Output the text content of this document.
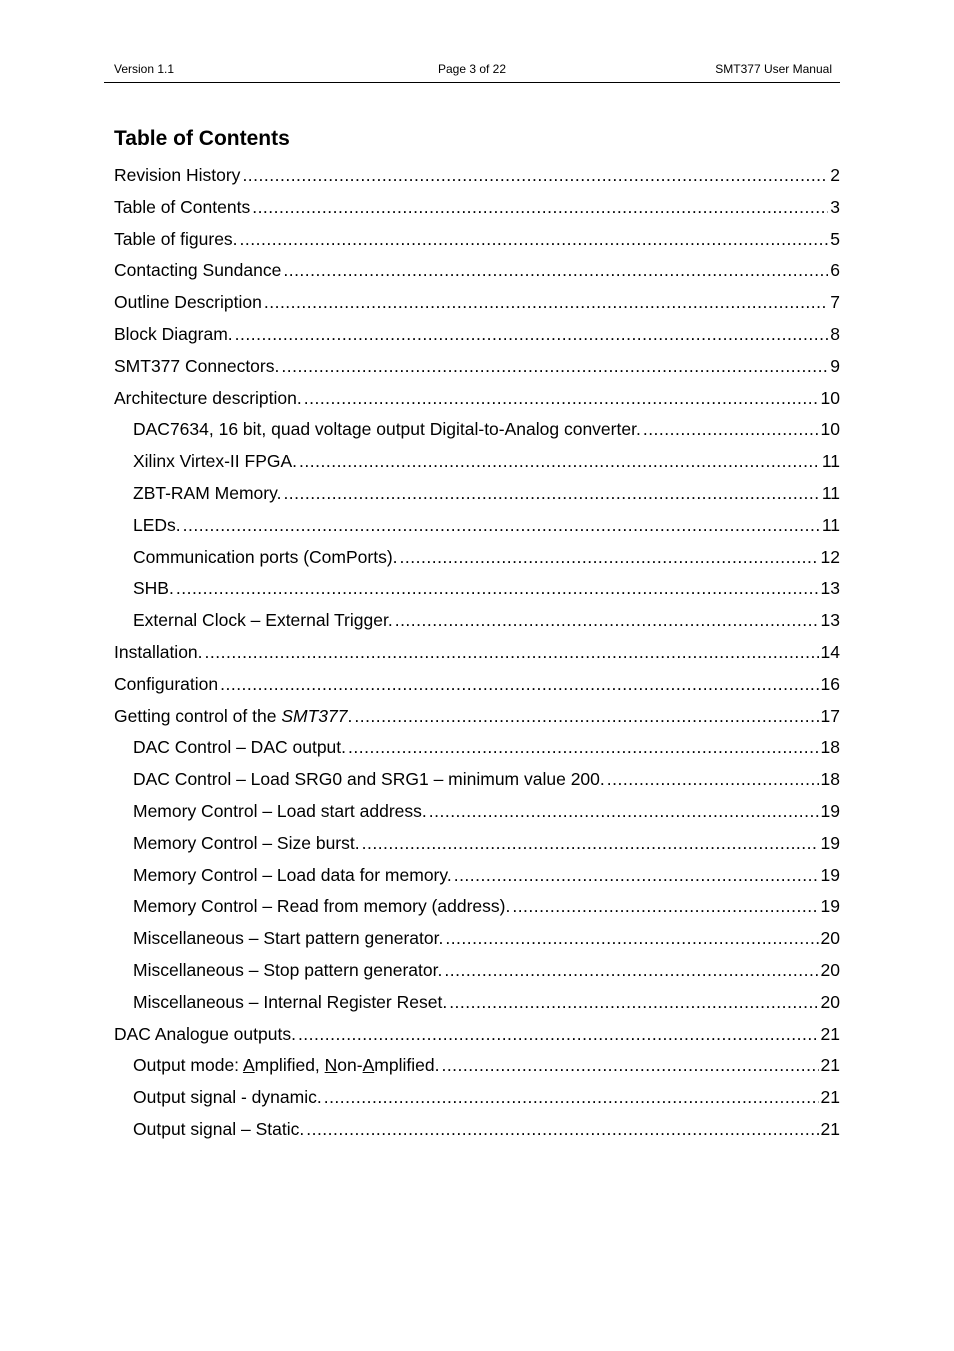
Version 1.1	Page 3 of 22	SMT377 User Manual
Table of Contents
Revision History .....	2
Table of Contents .....	3
Table of figures. .....	5
Contacting Sundance .....	6
Outline Description .....	7
Block Diagram. .....	8
SMT377 Connectors. .....	9
Architecture description. .....	10
DAC7634, 16 bit, quad voltage output Digital-to-Analog converter. .....	10
Xilinx Virtex-II FPGA. .....	11
ZBT-RAM Memory. .....	11
LEDs. .....	11
Communication ports (ComPorts). .....	12
SHB. .....	13
External Clock – External Trigger. .....	13
Installation. .....	14
Configuration .....	16
Getting control of the SMT377. .....	17
DAC Control – DAC output. .....	18
DAC Control – Load SRG0 and SRG1 – minimum value 200. .....	18
Memory Control – Load start address. .....	19
Memory Control – Size burst. .....	19
Memory Control – Load data for memory. .....	19
Memory Control – Read from memory (address). .....	19
Miscellaneous – Start pattern generator. .....	20
Miscellaneous – Stop pattern generator. .....	20
Miscellaneous – Internal Register Reset. .....	20
DAC Analogue outputs. .....	21
Output mode: Amplified, Non-Amplified. .....	21
Output signal - dynamic. .....	21
Output signal – Static. .....	21
